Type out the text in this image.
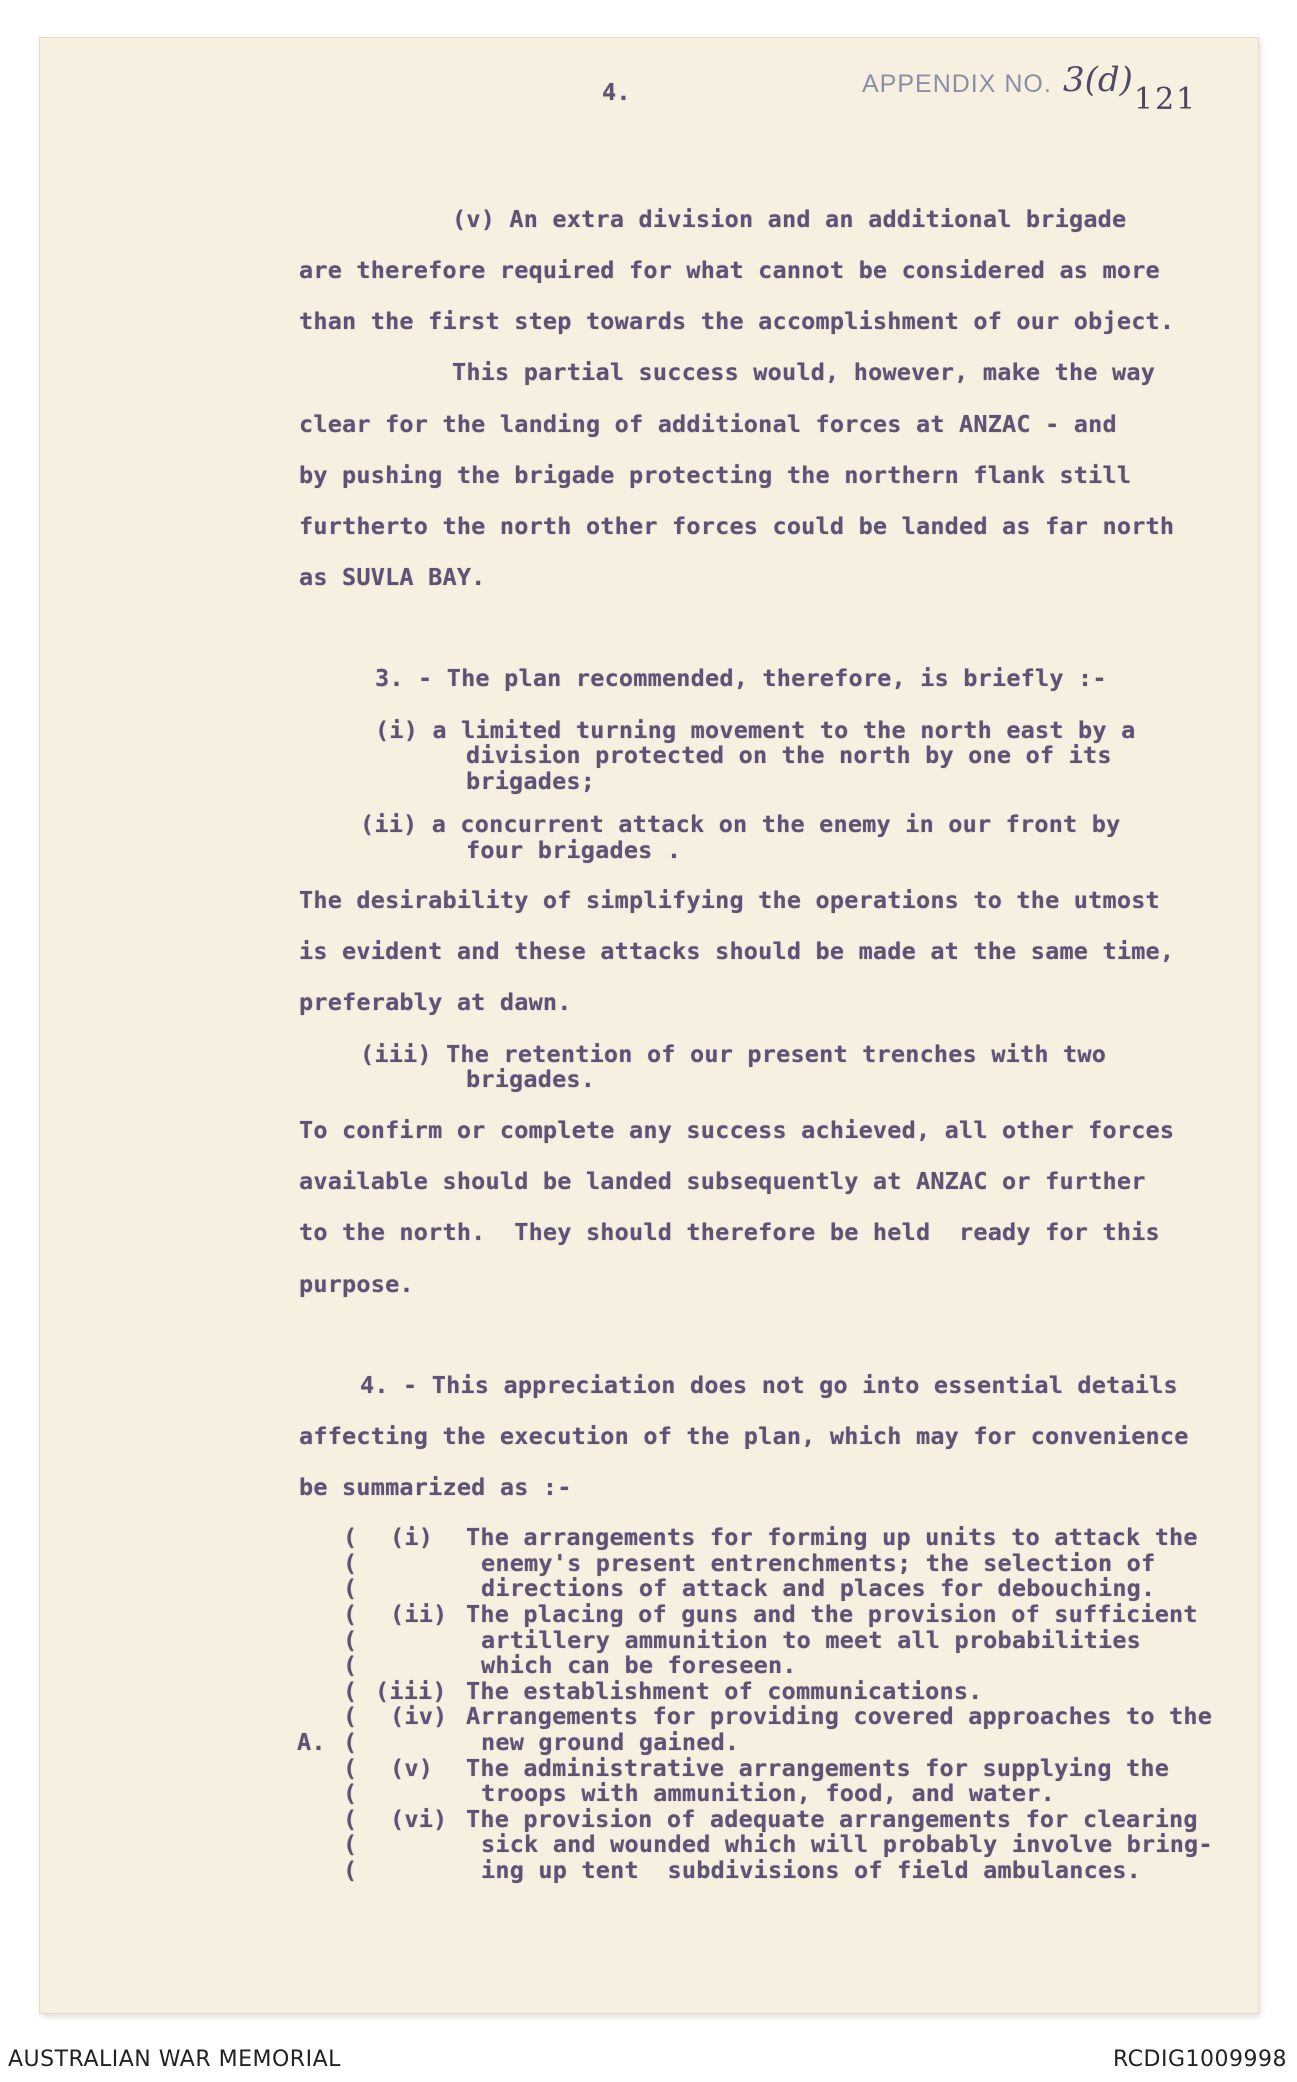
4.	APPENDIX NO. 3(d) 121
(v) An extra division and an additional brigade
are therefore required for what cannot be considered as more
than the first step towards the accomplishment of our object.
This partial success would, however, make the way
clear for the landing of additional forces at ANZAC - and
by pushing the brigade protecting the northern flank still
furtherto the north other forces could be landed as far north
as SUVLA BAY.
3. - The plan recommended, therefore, is briefly :-
(i) a limited turning movement to the north east by a
division protected on the north by one of its
brigades;
(ii) a concurrent attack on the enemy in our front by
four brigades .
The desirability of simplifying the operations to the utmost
is evident and these attacks should be made at the same time,
preferably at dawn.
(iii) The retention of our present trenches with two
brigades.
To confirm or complete any success achieved, all other forces
available should be landed subsequently at ANZAC or further
to the north.  They should therefore be held  ready for this
purpose.
4. - This appreciation does not go into essential details
affecting the execution of the plan, which may for convenience
be summarized as :-
(
(
(
(
(
(
(
(
(
(
(
(
(
(
A.
(i) The arrangements for forming up units to attack the
enemy's present entrenchments; the selection of
directions of attack and places for debouching.
(ii) The placing of guns and the provision of sufficient
artillery ammunition to meet all probabilities
which can be foreseen.
(iii) The establishment of communications.
(iv) Arrangements for providing covered approaches to the
new ground gained.
(v) The administrative arrangements for supplying the
troops with ammunition, food, and water.
(vi) The provision of adequate arrangements for clearing
sick and wounded which will probably involve bring-
ing up tent  subdivisions of field ambulances.
AUSTRALIAN WAR MEMORIAL	RCDIG1009998
